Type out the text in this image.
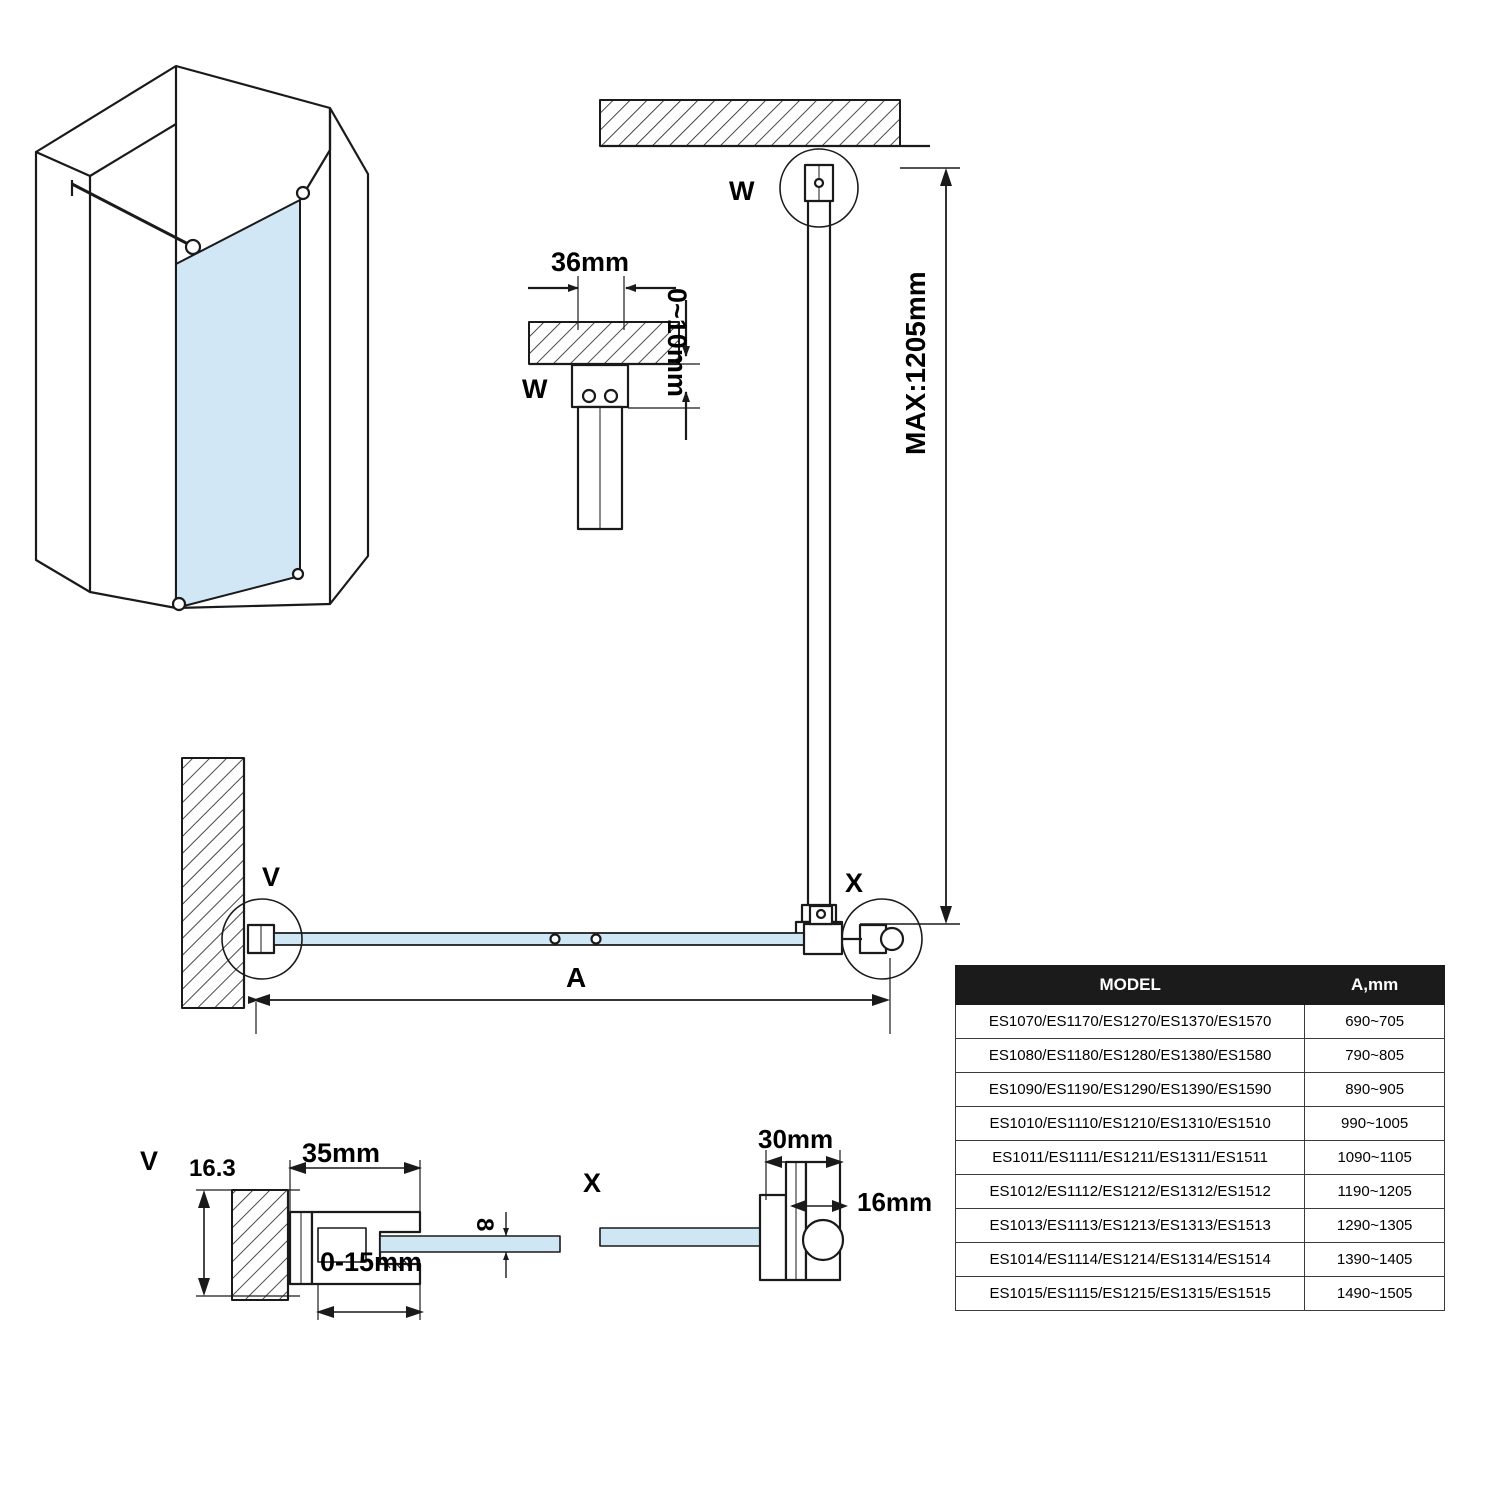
W
W
36mm
0~10mm	MAX:1205mm
V	X
A
V 16.3
35mm
0-15mm
8
X
30mm
16mm
MODEL	A,mm
ES1070/ES1170/ES1270/ES1370/ES1570	690~705
ES1080/ES1180/ES1280/ES1380/ES1580	790~805
ES1090/ES1190/ES1290/ES1390/ES1590	890~905
ES1010/ES1110/ES1210/ES1310/ES1510	990~1005
ES1011/ES1111/ES1211/ES1311/ES1511	1090~1105
ES1012/ES1112/ES1212/ES1312/ES1512	1190~1205
ES1013/ES1113/ES1213/ES1313/ES1513	1290~1305
ES1014/ES1114/ES1214/ES1314/ES1514	1390~1405
ES1015/ES1115/ES1215/ES1315/ES1515	1490~1505
